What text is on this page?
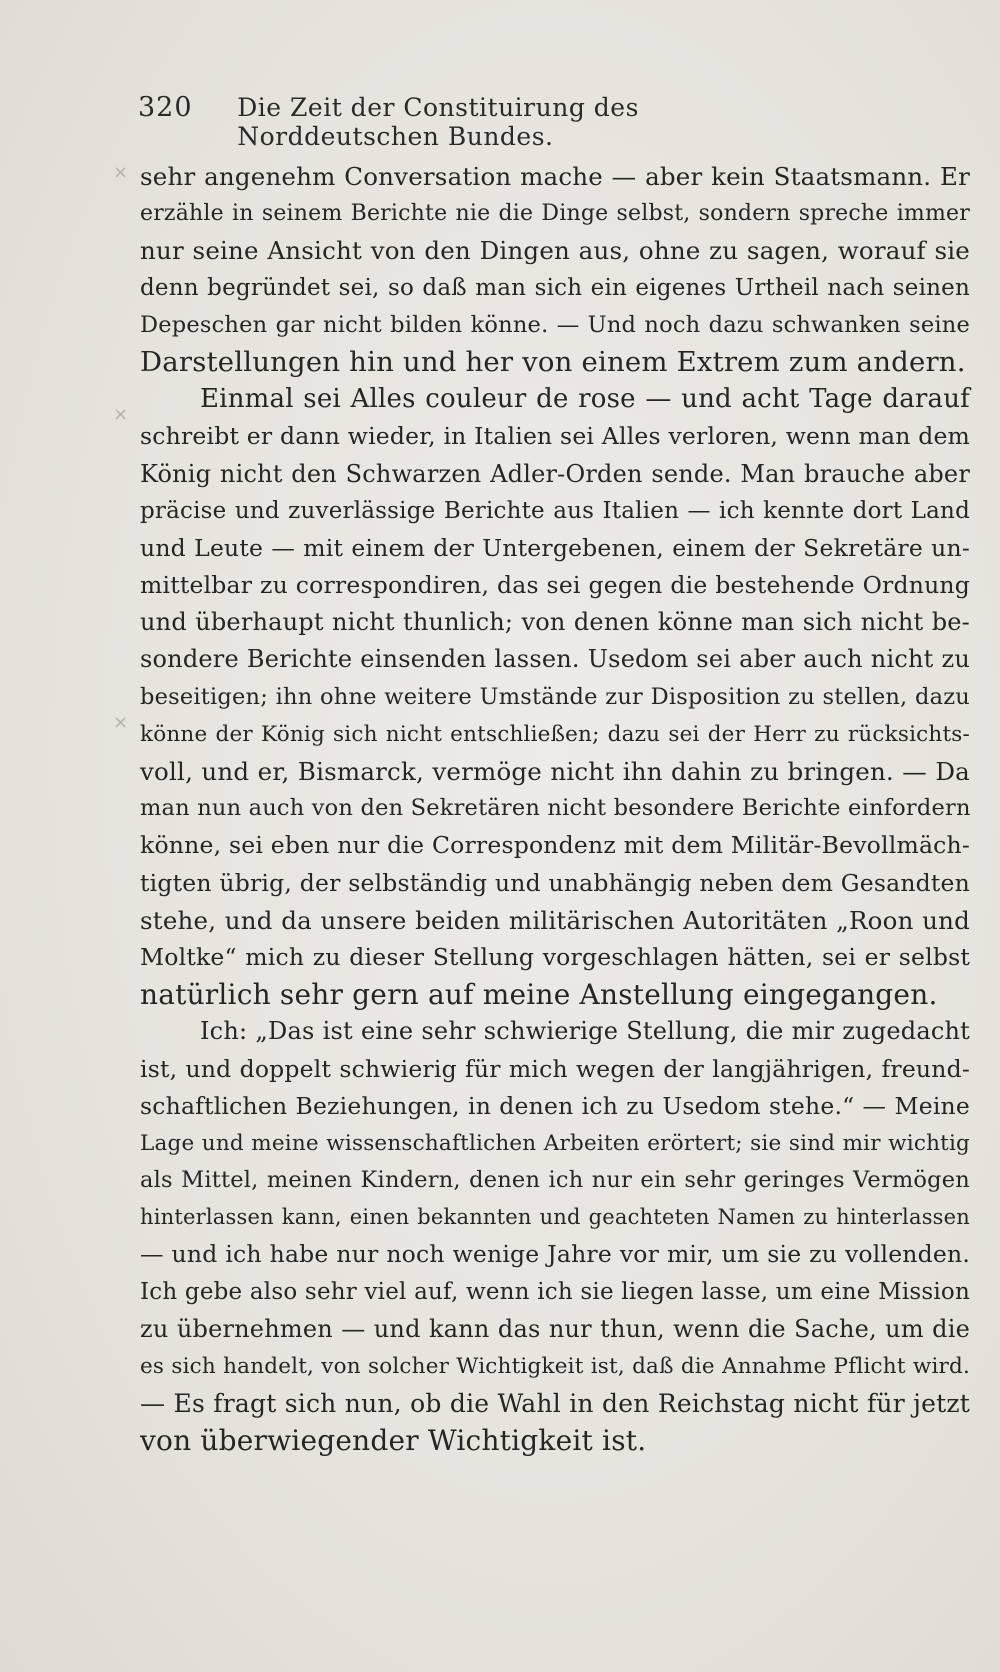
320	Die Zeit der Constituirung des Norddeutschen Bundes.
×
×
×
sehr angenehm Conversation mache — aber kein Staatsmann. Er
erzähle in seinem Berichte nie die Dinge selbst, sondern spreche immer
nur seine Ansicht von den Dingen aus, ohne zu sagen, worauf sie
denn begründet sei, so daß man sich ein eigenes Urtheil nach seinen
Depeschen gar nicht bilden könne. — Und noch dazu schwanken seine
Darstellungen hin und her von einem Extrem zum andern.
Einmal sei Alles couleur de rose — und acht Tage darauf
schreibt er dann wieder, in Italien sei Alles verloren, wenn man dem
König nicht den Schwarzen Adler-Orden sende. Man brauche aber
präcise und zuverlässige Berichte aus Italien — ich kennte dort Land
und Leute — mit einem der Untergebenen, einem der Sekretäre un-
mittelbar zu correspondiren, das sei gegen die bestehende Ordnung
und überhaupt nicht thunlich; von denen könne man sich nicht be-
sondere Berichte einsenden lassen. Usedom sei aber auch nicht zu
beseitigen; ihn ohne weitere Umstände zur Disposition zu stellen, dazu
könne der König sich nicht entschließen; dazu sei der Herr zu rücksichts-
voll, und er, Bismarck, vermöge nicht ihn dahin zu bringen. — Da
man nun auch von den Sekretären nicht besondere Berichte einfordern
könne, sei eben nur die Correspondenz mit dem Militär-Bevollmäch-
tigten übrig, der selbständig und unabhängig neben dem Gesandten
stehe, und da unsere beiden militärischen Autoritäten „Roon und
Moltke“ mich zu dieser Stellung vorgeschlagen hätten, sei er selbst
natürlich sehr gern auf meine Anstellung eingegangen.
Ich: „Das ist eine sehr schwierige Stellung, die mir zugedacht
ist, und doppelt schwierig für mich wegen der langjährigen, freund-
schaftlichen Beziehungen, in denen ich zu Usedom stehe.“ — Meine
Lage und meine wissenschaftlichen Arbeiten erörtert; sie sind mir wichtig
als Mittel, meinen Kindern, denen ich nur ein sehr geringes Vermögen
hinterlassen kann, einen bekannten und geachteten Namen zu hinterlassen
— und ich habe nur noch wenige Jahre vor mir, um sie zu vollenden.
Ich gebe also sehr viel auf, wenn ich sie liegen lasse, um eine Mission
zu übernehmen — und kann das nur thun, wenn die Sache, um die
es sich handelt, von solcher Wichtigkeit ist, daß die Annahme Pflicht wird.
— Es fragt sich nun, ob die Wahl in den Reichstag nicht für jetzt
von überwiegender Wichtigkeit ist.
